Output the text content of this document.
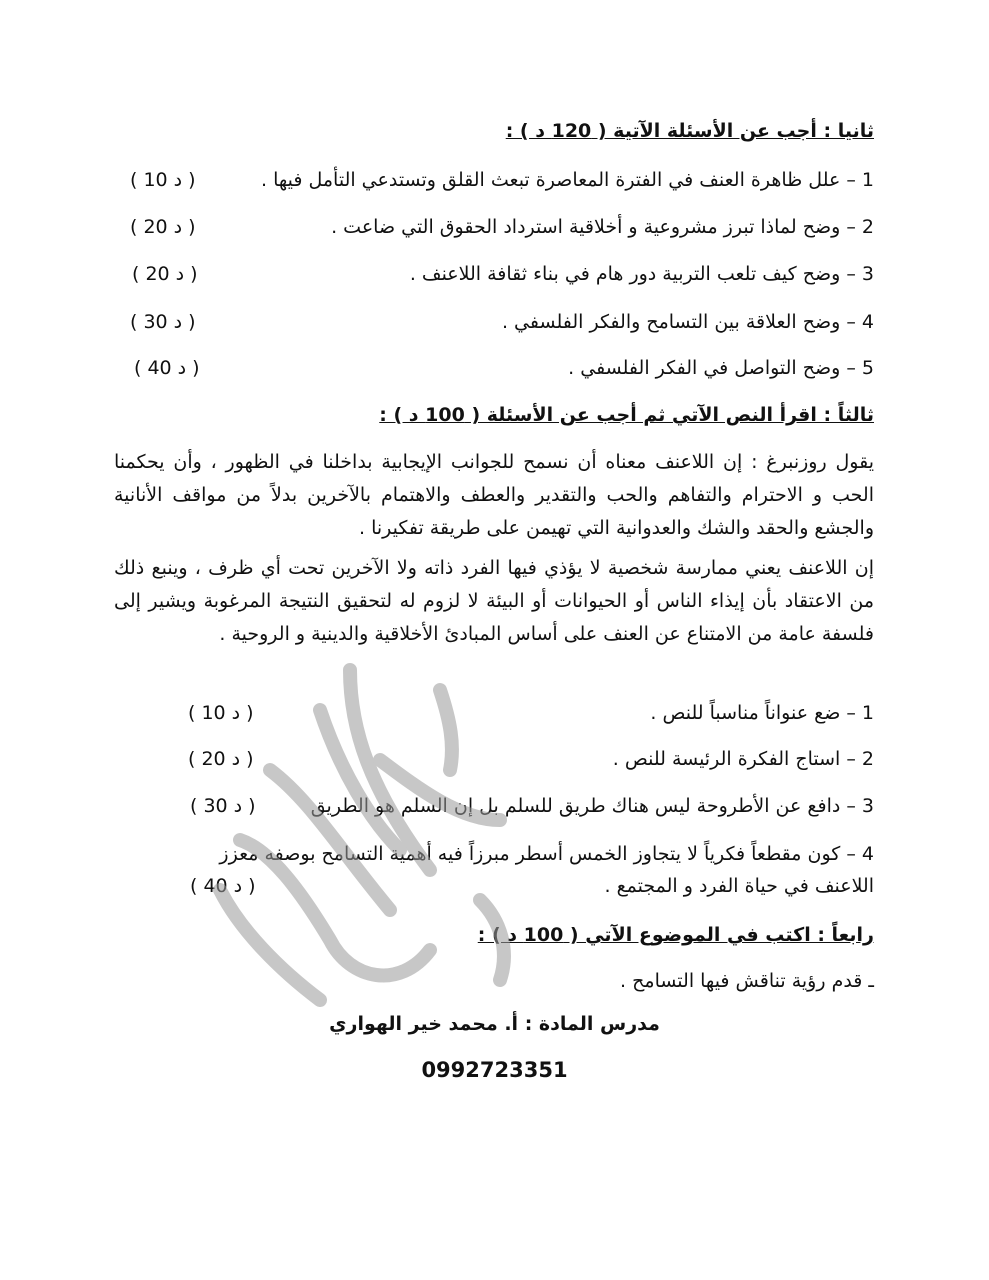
ثانيا : أجب عن الأسئلة الآتية ( 120 د ) :
1 – علل ظاهرة العنف في الفترة المعاصرة تبعث القلق وتستدعي التأمل فيها .
( 10 د )
2 – وضح لماذا تبرز مشروعية و أخلاقية استرداد الحقوق التي ضاعت .
( 20 د )
3 – وضح كيف تلعب التربية دور هام في بناء ثقافة اللاعنف .
( 20 د )
4 – وضح العلاقة بين التسامح والفكر الفلسفي .
( 30 د )
5 – وضح التواصل في الفكر الفلسفي .
( 40 د )
ثالثاً : اقرأ النص الآتي ثم أجب عن الأسئلة ( 100 د ) :
يقول روزنبرغ : إن اللاعنف معناه أن نسمح للجوانب الإيجابية بداخلنا في الظهور ، وأن يحكمنا الحب و الاحترام والتفاهم والحب والتقدير والعطف والاهتمام بالآخرين بدلاً من مواقف الأنانية والجشع والحقد والشك والعدوانية التي تهيمن على طريقة تفكيرنا .
إن اللاعنف يعني ممارسة شخصية لا يؤذي فيها الفرد ذاته ولا الآخرين تحت أي ظرف ، وينبع ذلك من الاعتقاد بأن إيذاء الناس أو الحيوانات أو البيئة لا لزوم له لتحقيق النتيجة المرغوبة ويشير إلى فلسفة عامة من الامتناع عن العنف على أساس المبادئ الأخلاقية والدينية و الروحية .
1 – ضع عنواناً مناسباً للنص .
( 10 د )
2 – استاج الفكرة الرئيسة للنص .
( 20 د )
3 – دافع عن الأطروحة ليس هناك طريق للسلم بل إن السلم هو الطريق
( 30 د )
4 – كون مقطعاً فكرياً لا يتجاوز الخمس أسطر مبرزاً فيه أهمية التسامح بوصفه معزز
اللاعنف في حياة الفرد و المجتمع .
( 40 د )
رابعاً : اكتب في الموضوع الآتي ( 100 د ) :
ـ قدم رؤية تناقش فيها التسامح .
مدرس المادة : أ. محمد خير الهواري
0992723351
